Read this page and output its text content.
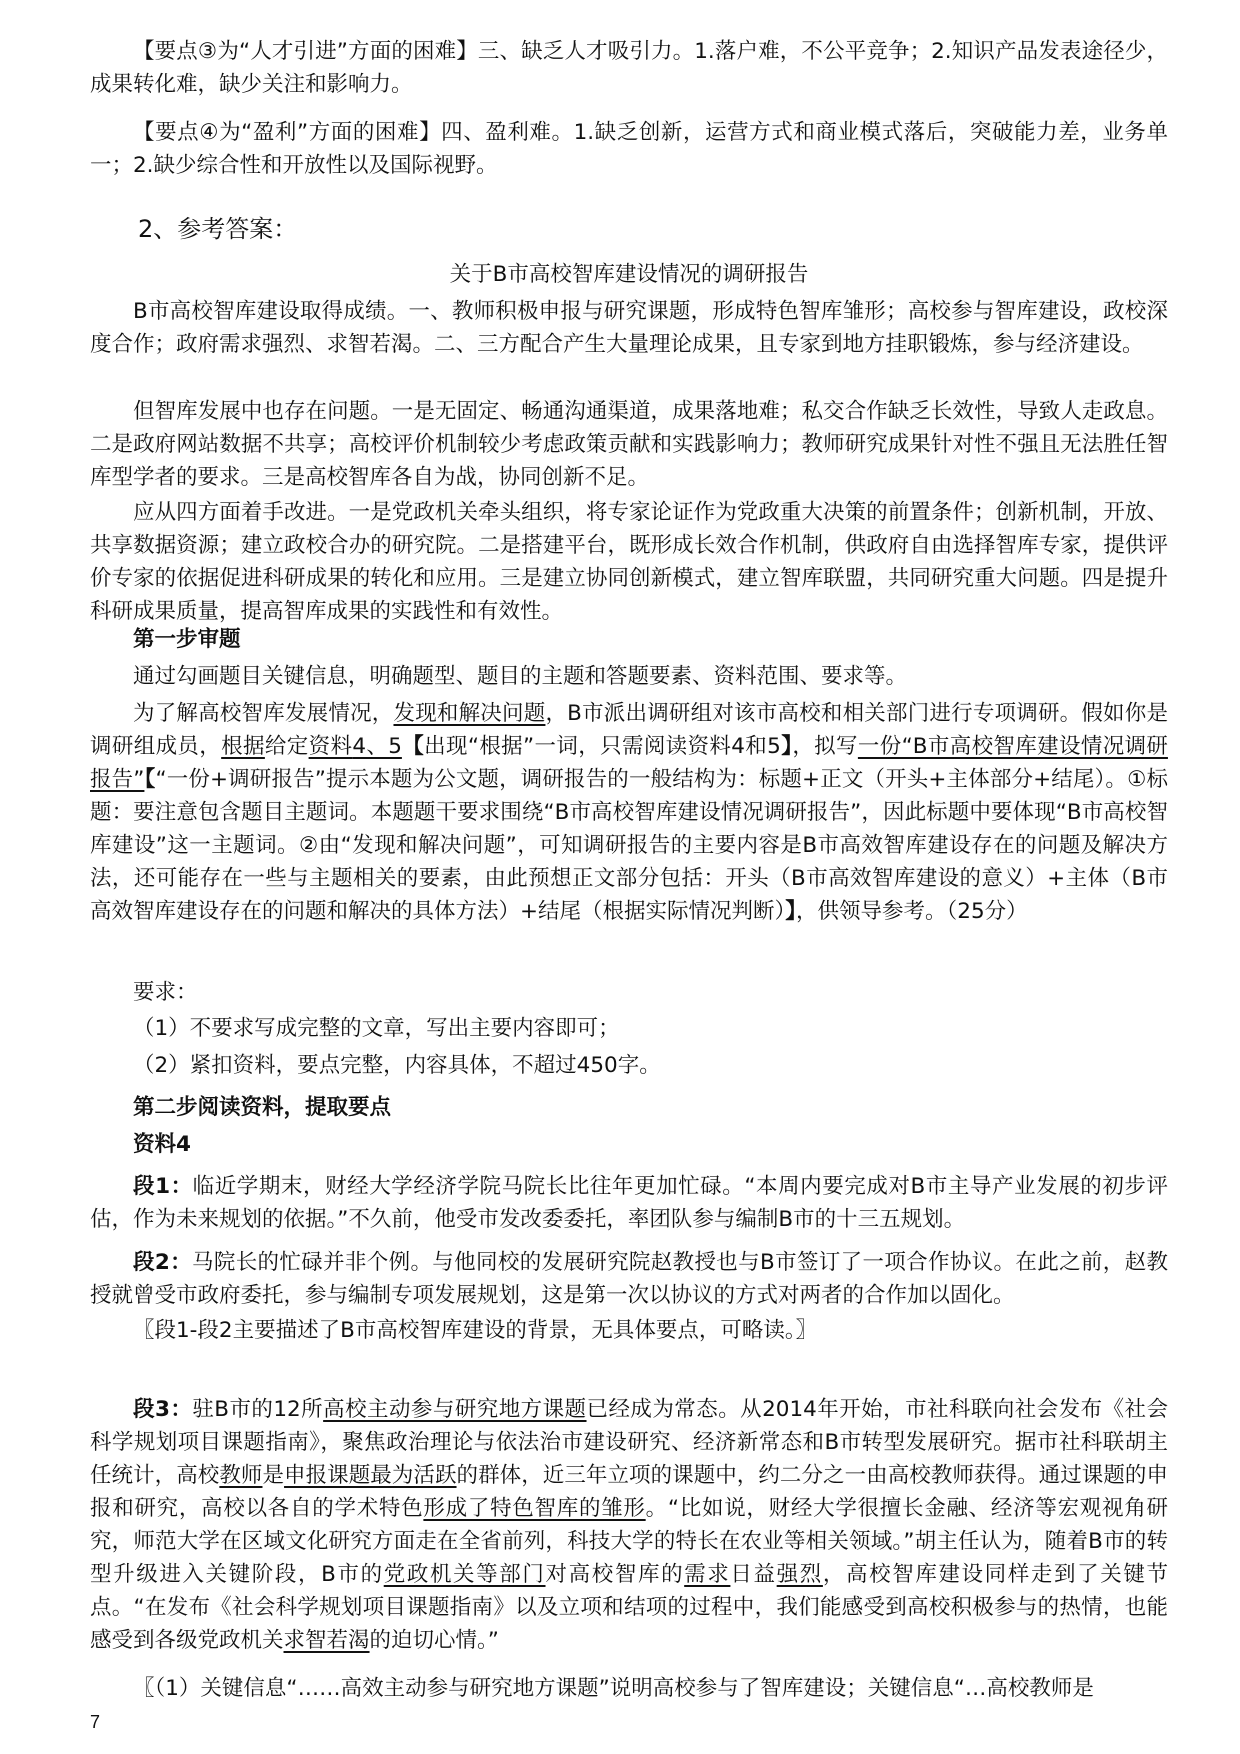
【要点③为“人才引进”方面的困难】三、缺乏人才吸引力。1.落户难，不公平竞争；2.知识产品发表途径少，成果转化难，缺少关注和影响力。
【要点④为“盈利”方面的困难】四、盈利难。1.缺乏创新，运营方式和商业模式落后，突破能力差，业务单一；2.缺少综合性和开放性以及国际视野。
2、参考答案：
关于B市高校智库建设情况的调研报告
B市高校智库建设取得成绩。一、教师积极申报与研究课题，形成特色智库雏形；高校参与智库建设，政校深度合作；政府需求强烈、求智若渴。二、三方配合产生大量理论成果，且专家到地方挂职锻炼，参与经济建设。
但智库发展中也存在问题。一是无固定、畅通沟通渠道，成果落地难；私交合作缺乏长效性，导致人走政息。二是政府网站数据不共享；高校评价机制较少考虑政策贡献和实践影响力；教师研究成果针对性不强且无法胜任智库型学者的要求。三是高校智库各自为战，协同创新不足。
应从四方面着手改进。一是党政机关牵头组织，将专家论证作为党政重大决策的前置条件；创新机制，开放、共享数据资源；建立政校合办的研究院。二是搭建平台，既形成长效合作机制，供政府自由选择智库专家，提供评价专家的依据促进科研成果的转化和应用。三是建立协同创新模式，建立智库联盟，共同研究重大问题。四是提升科研成果质量，提高智库成果的实践性和有效性。
第一步审题
通过勾画题目关键信息，明确题型、题目的主题和答题要素、资料范围、要求等。
为了解高校智库发展情况，发现和解决问题，B市派出调研组对该市高校和相关部门进行专项调研。假如你是调研组成员，根据给定资料4、5【出现“根据”一词，只需阅读资料4和5】，拟写一份“B市高校智库建设情况调研报告”【“一份+调研报告”提示本题为公文题，调研报告的一般结构为：标题+正文（开头+主体部分+结尾）。①标题：要注意包含题目主题词。本题题干要求围绕“B市高校智库建设情况调研报告”，因此标题中要体现“B市高校智库建设”这一主题词。②由“发现和解决问题”，可知调研报告的主要内容是B市高效智库建设存在的问题及解决方法，还可能存在一些与主题相关的要素，由此预想正文部分包括：开头（B市高效智库建设的意义）+主体（B市高效智库建设存在的问题和解决的具体方法）+结尾（根据实际情况判断）】，供领导参考。（25分）
要求：
（1）不要求写成完整的文章，写出主要内容即可；
（2）紧扣资料，要点完整，内容具体，不超过450字。
第二步阅读资料，提取要点
资料4
段1：临近学期末，财经大学经济学院马院长比往年更加忙碌。“本周内要完成对B市主导产业发展的初步评估，作为未来规划的依据。”不久前，他受市发改委委托，率团队参与编制B市的十三五规划。
段2：马院长的忙碌并非个例。与他同校的发展研究院赵教授也与B市签订了一项合作协议。在此之前，赵教授就曾受市政府委托，参与编制专项发展规划，这是第一次以协议的方式对两者的合作加以固化。
〖段1-段2主要描述了B市高校智库建设的背景，无具体要点，可略读。〗
段3：驻B市的12所高校主动参与研究地方课题已经成为常态。从2014年开始，市社科联向社会发布《社会科学规划项目课题指南》，聚焦政治理论与依法治市建设研究、经济新常态和B市转型发展研究。据市社科联胡主任统计，高校教师是申报课题最为活跃的群体，近三年立项的课题中，约二分之一由高校教师获得。通过课题的申报和研究，高校以各自的学术特色形成了特色智库的雏形。“比如说，财经大学很擅长金融、经济等宏观视角研究，师范大学在区域文化研究方面走在全省前列，科技大学的特长在农业等相关领域。”胡主任认为，随着B市的转型升级进入关键阶段，B市的党政机关等部门对高校智库的需求日益强烈，高校智库建设同样走到了关键节点。“在发布《社会科学规划项目课题指南》以及立项和结项的过程中，我们能感受到高校积极参与的热情，也能感受到各级党政机关求智若渴的迫切心情。”
〖（1）关键信息“……高效主动参与研究地方课题”说明高校参与了智库建设；关键信息“…高校教师是
7
